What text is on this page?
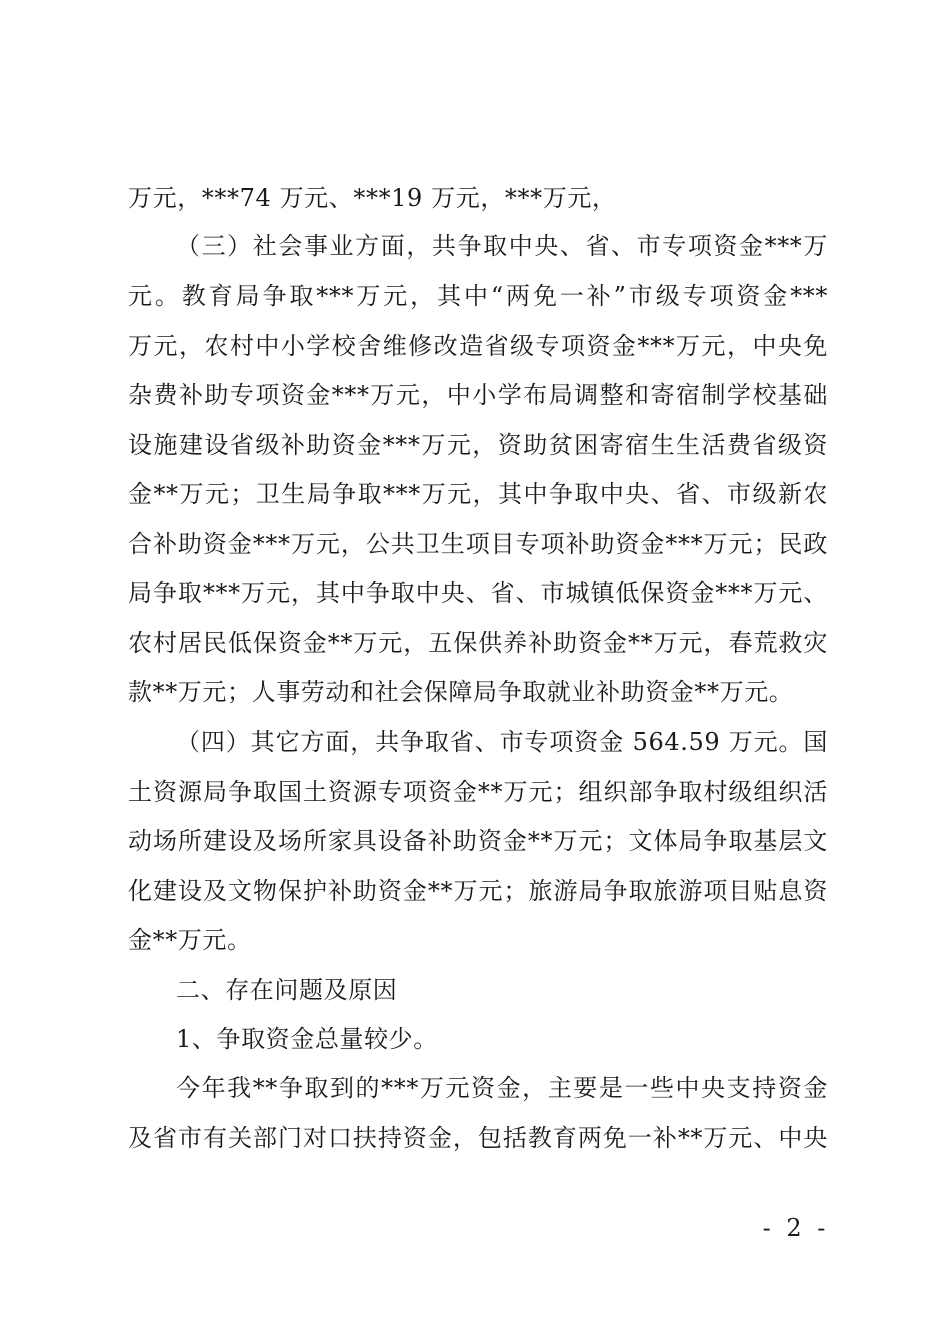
万元，***74 万元、***19 万元，***万元，
（三）社会事业方面，共争取中央、省、市专项资金***万
元。教育局争取***万元，其中“两免一补”市级专项资金***
万元，农村中小学校舍维修改造省级专项资金***万元，中央免
杂费补助专项资金***万元，中小学布局调整和寄宿制学校基础
设施建设省级补助资金***万元，资助贫困寄宿生生活费省级资
金**万元；卫生局争取***万元，其中争取中央、省、市级新农
合补助资金***万元，公共卫生项目专项补助资金***万元；民政
局争取***万元，其中争取中央、省、市城镇低保资金***万元、
农村居民低保资金**万元，五保供养补助资金**万元，春荒救灾
款**万元；人事劳动和社会保障局争取就业补助资金**万元。
（四）其它方面，共争取省、市专项资金 564.59 万元。国
土资源局争取国土资源专项资金**万元；组织部争取村级组织活
动场所建设及场所家具设备补助资金**万元；文体局争取基层文
化建设及文物保护补助资金**万元；旅游局争取旅游项目贴息资
金**万元。
二、存在问题及原因
1、争取资金总量较少。
今年我**争取到的***万元资金，主要是一些中央支持资金
及省市有关部门对口扶持资金，包括教育两免一补**万元、中央
- 2 -
